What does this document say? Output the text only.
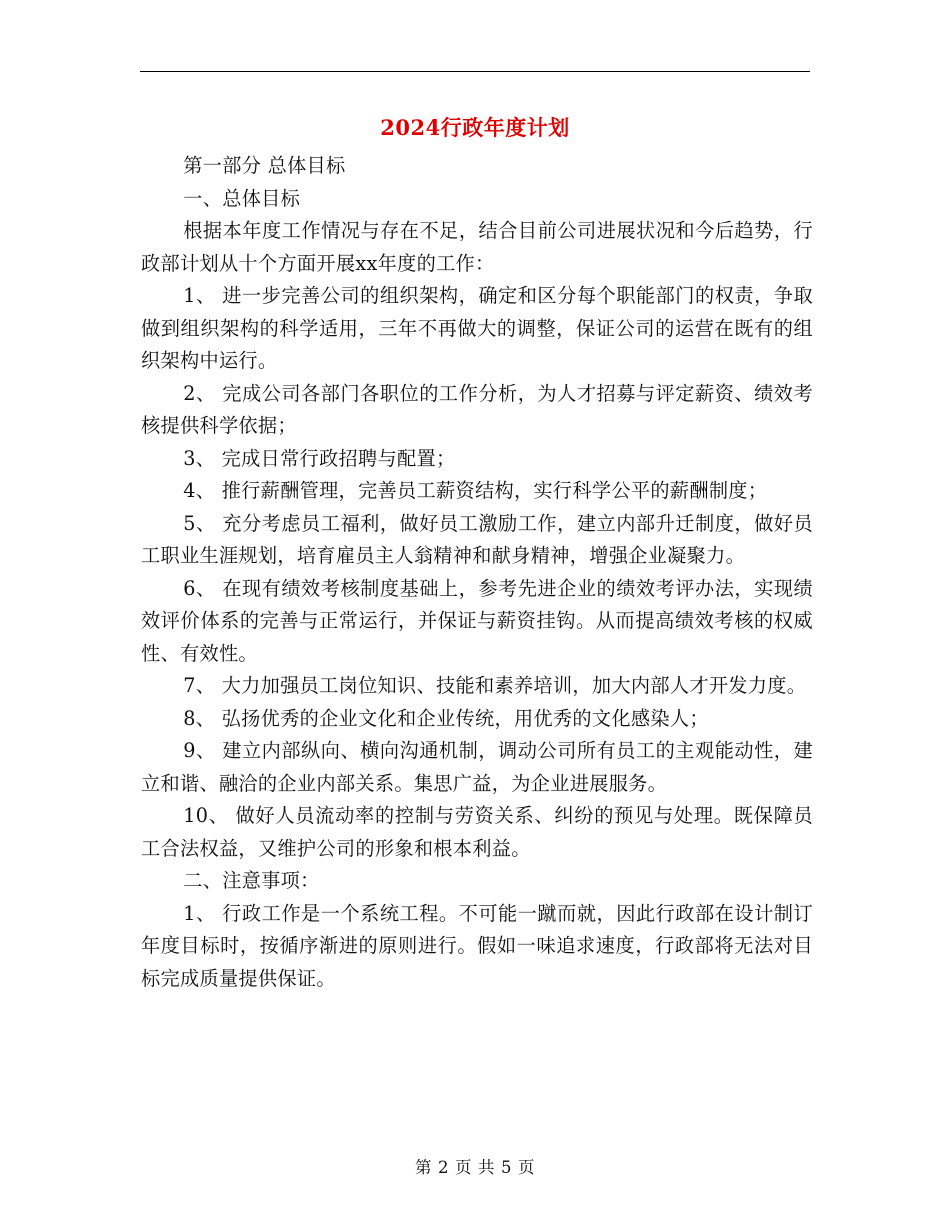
2024行政年度计划

第一部分 总体目标

一、总体目标

根据本年度工作情况与存在不足，结合目前公司进展状况和今后趋势，行政部计划从十个方面开展xx年度的工作：

1、 进一步完善公司的组织架构，确定和区分每个职能部门的权责，争取做到组织架构的科学适用，三年不再做大的调整，保证公司的运营在既有的组织架构中运行。

2、 完成公司各部门各职位的工作分析，为人才招募与评定薪资、绩效考核提供科学依据；

3、 完成日常行政招聘与配置；

4、 推行薪酬管理，完善员工薪资结构，实行科学公平的薪酬制度；

5、 充分考虑员工福利，做好员工激励工作，建立内部升迁制度，做好员工职业生涯规划，培育雇员主人翁精神和献身精神，增强企业凝聚力。

6、 在现有绩效考核制度基础上，参考先进企业的绩效考评办法，实现绩效评价体系的完善与正常运行，并保证与薪资挂钩。从而提高绩效考核的权威性、有效性。

7、 大力加强员工岗位知识、技能和素养培训，加大内部人才开发力度。

8、 弘扬优秀的企业文化和企业传统，用优秀的文化感染人；

9、 建立内部纵向、横向沟通机制，调动公司所有员工的主观能动性，建立和谐、融洽的企业内部关系。集思广益，为企业进展服务。

10、 做好人员流动率的控制与劳资关系、纠纷的预见与处理。既保障员工合法权益，又维护公司的形象和根本利益。

二、注意事项：

1、 行政工作是一个系统工程。不可能一蹴而就，因此行政部在设计制订年度目标时，按循序渐进的原则进行。假如一味追求速度，行政部将无法对目标完成质量提供保证。

第 2 页 共 5 页
